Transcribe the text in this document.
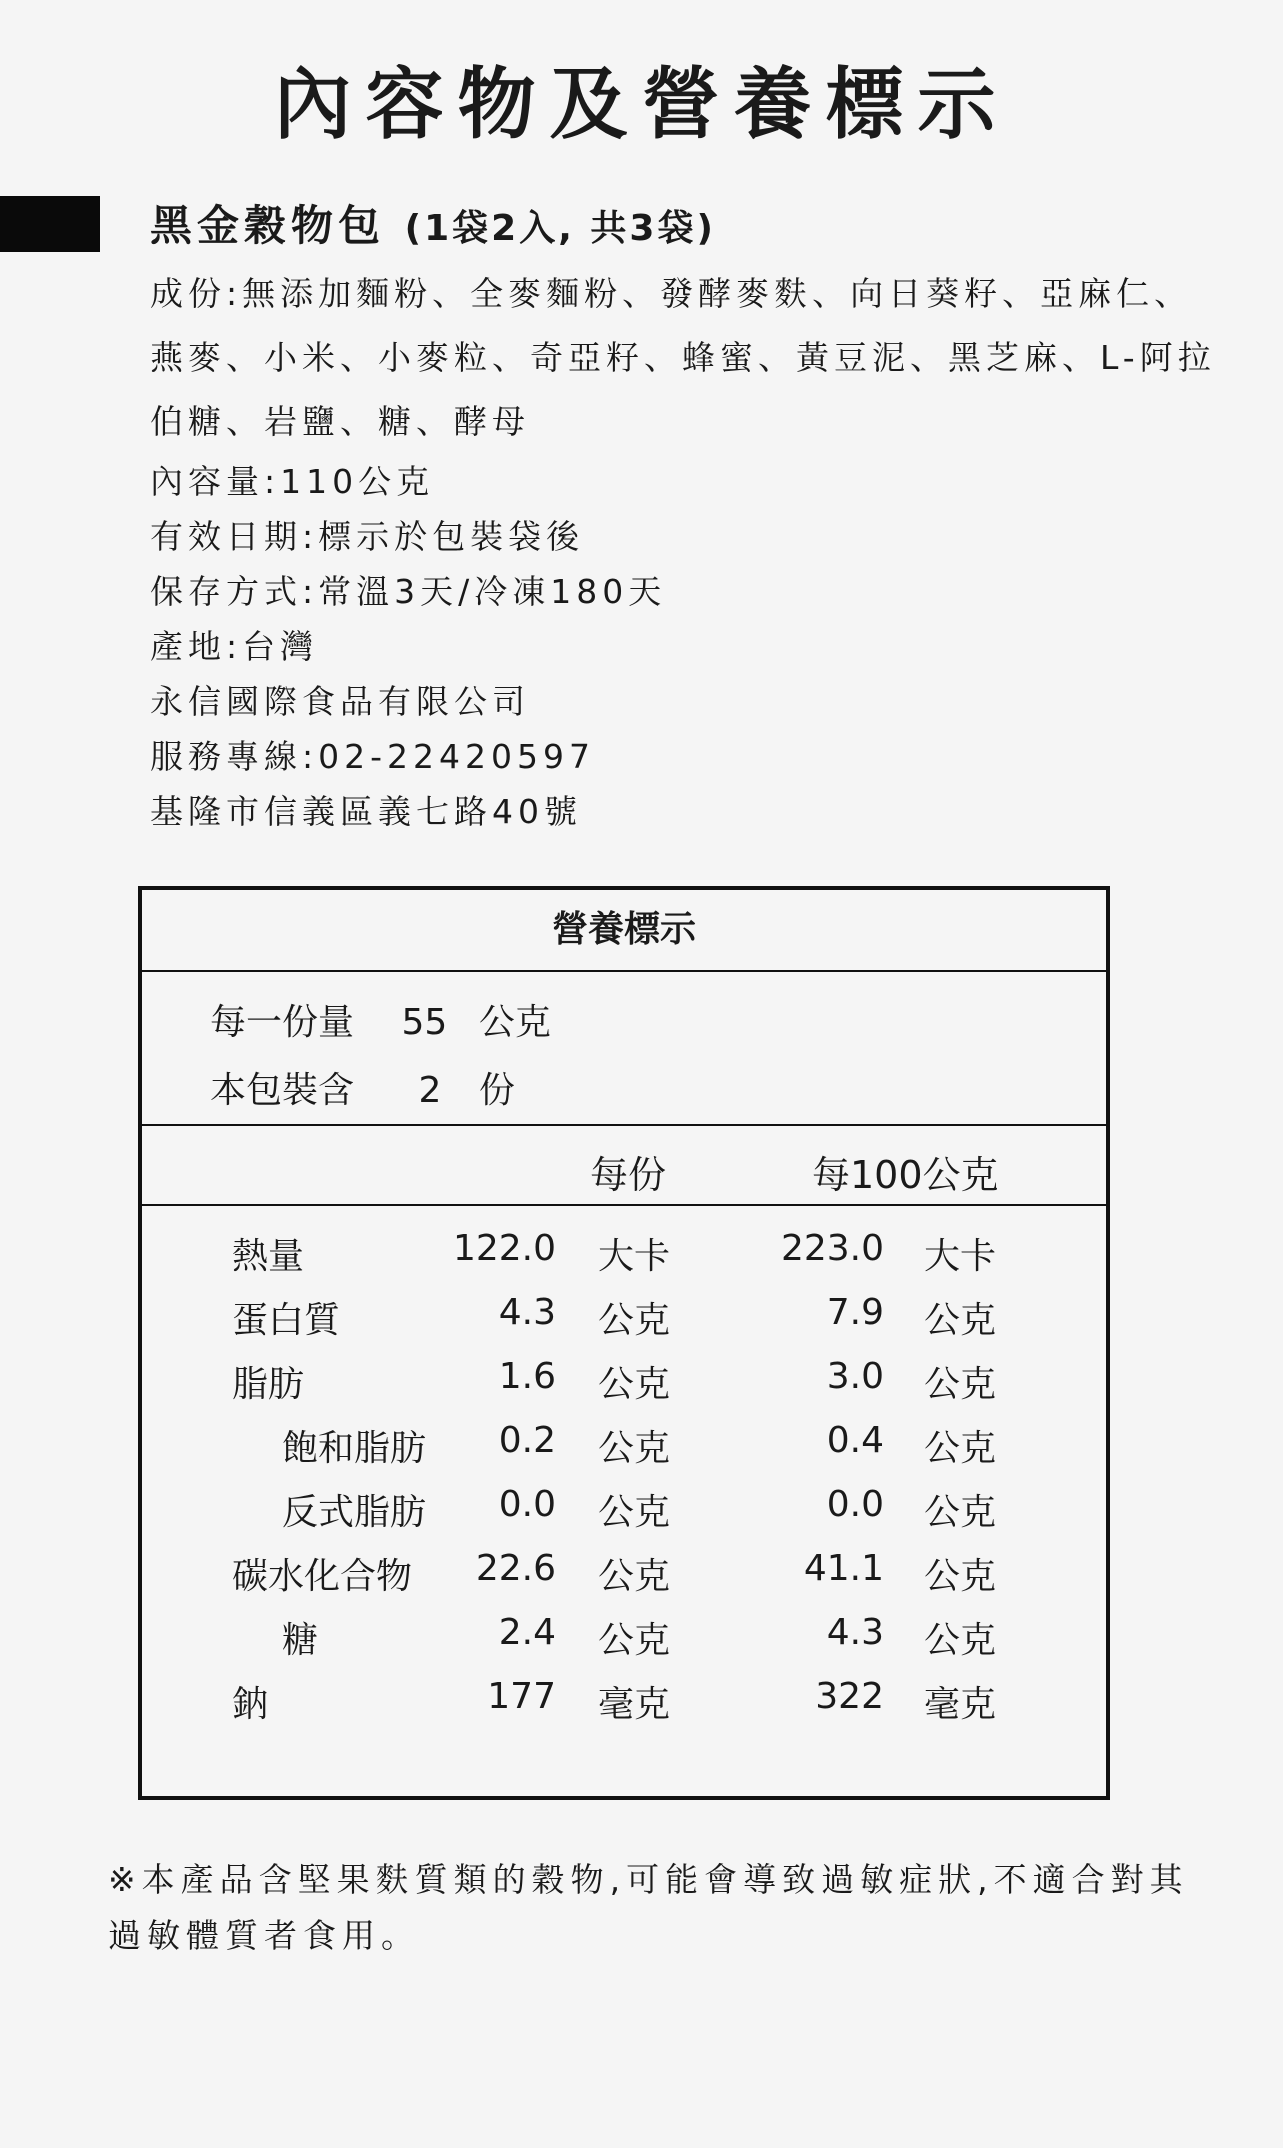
內容物及營養標示
黑金穀物包 (1袋2入, 共3袋)

成份:無添加麵粉、全麥麵粉、發酵麥麩、向日葵籽、亞麻仁、燕麥、小米、小麥粒、奇亞籽、蜂蜜、黃豆泥、黑芝麻、L-阿拉伯糖、岩鹽、糖、酵母

內容量:110公克

有效日期:標示於包裝袋後

保存方式:常溫3天/冷凍180天

產地:台灣

永信國際食品有限公司

服務專線:02-22420597

基隆市信義區義七路40號

營養標示
每一份量 55 公克
本包裝含 2 份
每份	每100公克
熱量	122.0 大卡	223.0 大卡
蛋白質	4.3 公克	7.9 公克
脂肪	1.6 公克	3.0 公克
飽和脂肪 0.2 公克	0.4 公克
反式脂肪 0.0 公克	0.0 公克
碳水化合物 22.6 公克	41.1 公克
糖	2.4 公克	4.3 公克
鈉	177 毫克	322 毫克

※本產品含堅果麩質類的穀物,可能會導致過敏症狀,不適合對其過敏體質者食用。
